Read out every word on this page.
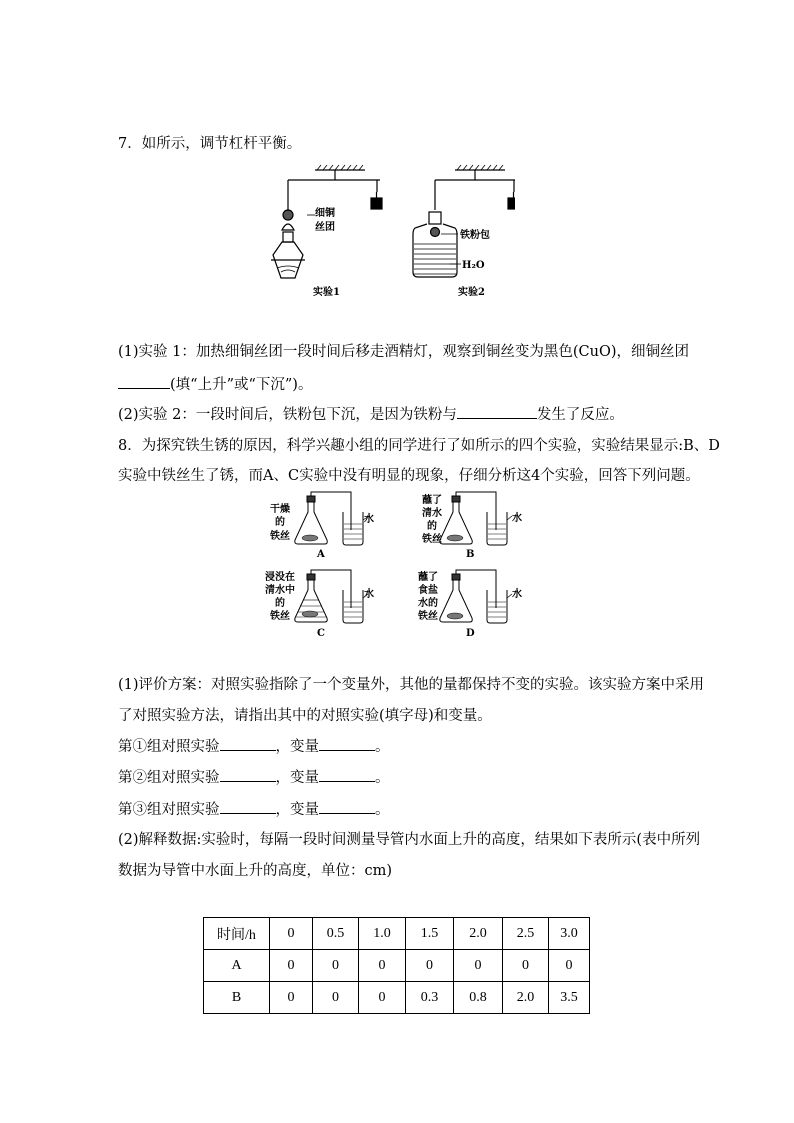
7．如所示，调节杠杆平衡。
细铜
丝团
铁粉包
H₂O
实验1	实验2
(1)实验 1：加热细铜丝团一段时间后移走酒精灯，观察到铜丝变为黑色(CuO)，细铜丝团
(填“上升”或“下沉”)。
(2)实验 2：一段时间后，铁粉包下沉，是因为铁粉与	发生了反应。
8．为探究铁生锈的原因，科学兴趣小组的同学进行了如所示的四个实验，实验结果显示:B、D
实验中铁丝生了锈，而A、C实验中没有明显的现象，仔细分析这4个实验，回答下列问题。
干燥
的
铁丝
水
A
蘸了
清水
的
铁丝
水
B
浸没在
清水中
的
铁丝
水
C
蘸了
食盐
水的
铁丝
水
D
(1)评价方案：对照实验指除了一个变量外，其他的量都保持不变的实验。该实验方案中采用
了对照实验方法，请指出其中的对照实验(填字母)和变量。
第①组对照实验	，变量	。
第②组对照实验	，变量	。
第③组对照实验	，变量	。
(2)解释数据:实验时，每隔一段时间测量导管内水面上升的高度，结果如下表所示(表中所列
数据为导管中水面上升的高度，单位：cm)
时间/h	0	0.5	1.0	1.5	2.0	2.5	3.0
A	0	0	0	0	0	0	0
B	0	0	0	0.3	0.8	2.0	3.5
